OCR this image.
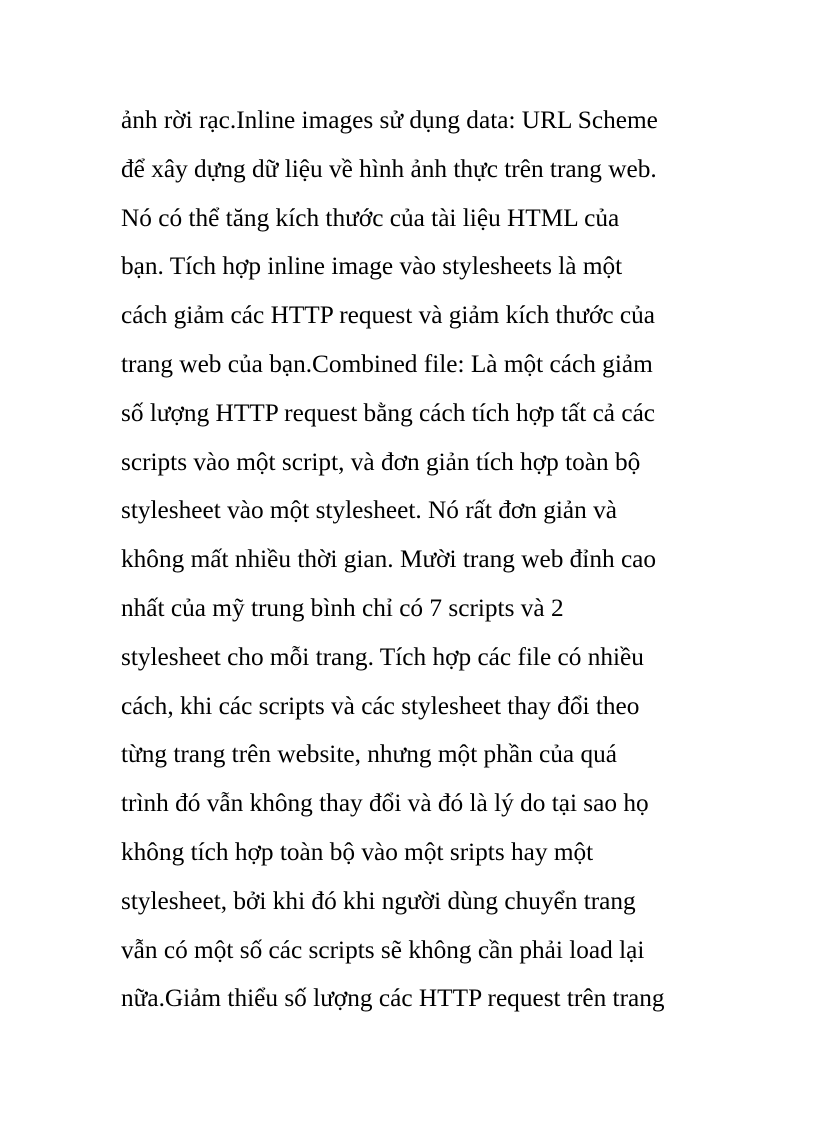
ảnh rời rạc.Inline images sử dụng data: URL Scheme
để xây dựng dữ liệu về hình ảnh thực trên trang web.
Nó có thể tăng kích thước của tài liệu HTML của
bạn. Tích hợp inline image vào stylesheets là một
cách giảm các HTTP request và giảm kích thước của
trang web của bạn.Combined file: Là một cách giảm
số lượng HTTP request bằng cách tích hợp tất cả các
scripts vào một script, và đơn giản tích hợp toàn bộ
stylesheet vào một stylesheet. Nó rất đơn giản và
không mất nhiều thời gian. Mười trang web đỉnh cao
nhất của mỹ trung bình chỉ có 7 scripts và 2
stylesheet cho mỗi trang. Tích hợp các file có nhiều
cách, khi các scripts và các stylesheet thay đổi theo
từng trang trên website, nhưng một phần của quá
trình đó vẫn không thay đổi và đó là lý do tại sao họ
không tích hợp toàn bộ vào một sripts hay một
stylesheet, bởi khi đó khi người dùng chuyển trang
vẫn có một số các scripts sẽ không cần phải load lại
nữa.Giảm thiểu số lượng các HTTP request trên trang
